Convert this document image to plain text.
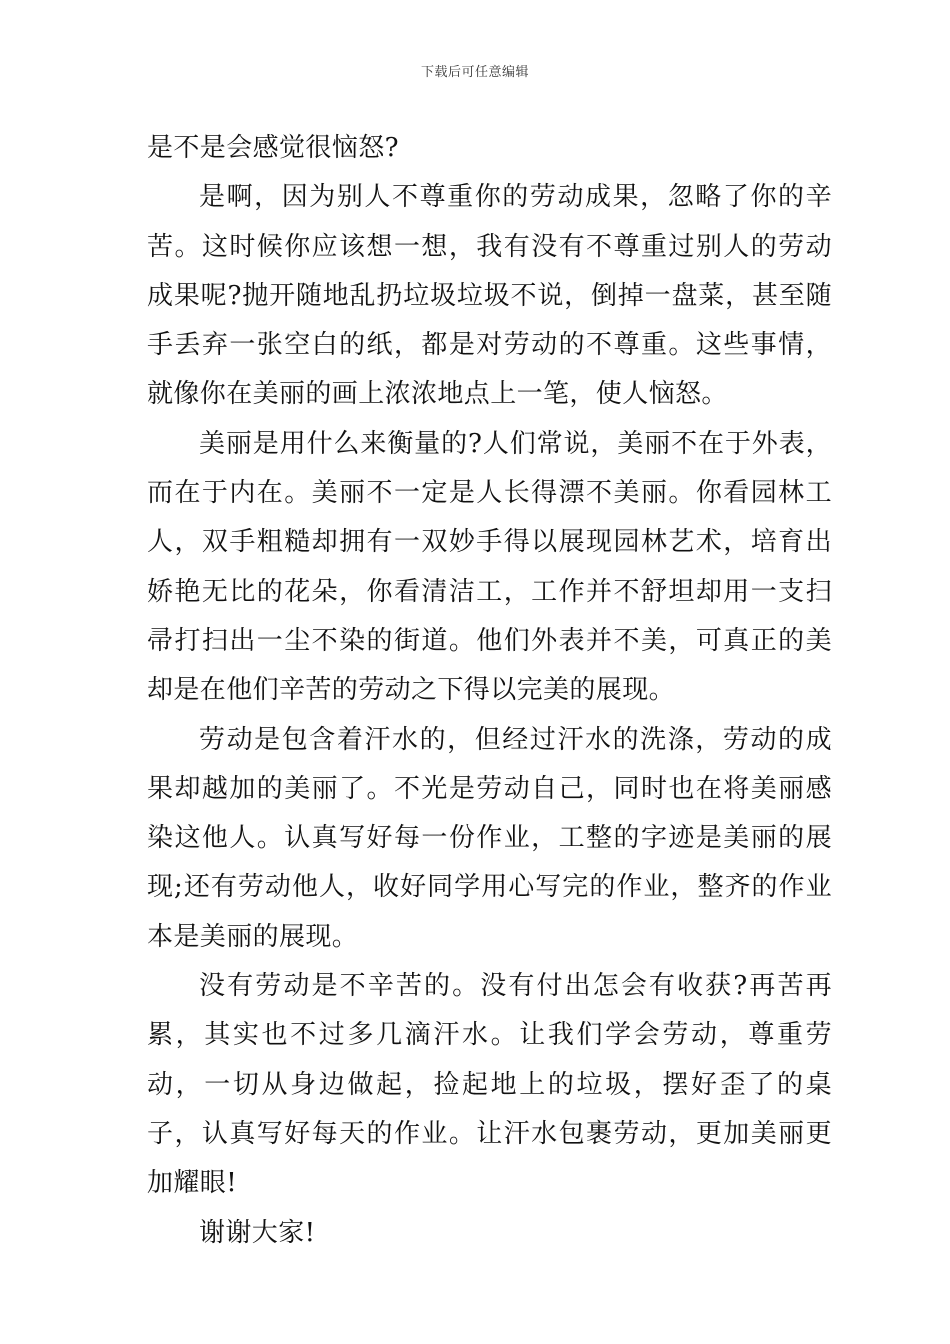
下载后可任意编辑

是不是会感觉很恼怒?

是啊，因为别人不尊重你的劳动成果，忽略了你的辛苦。这时候你应该想一想，我有没有不尊重过别人的劳动成果呢?抛开随地乱扔垃圾垃圾不说，倒掉一盘菜，甚至随手丢弃一张空白的纸，都是对劳动的不尊重。这些事情，就像你在美丽的画上浓浓地点上一笔，使人恼怒。

美丽是用什么来衡量的?人们常说，美丽不在于外表，而在于内在。美丽不一定是人长得漂不美丽。你看园林工人，双手粗糙却拥有一双妙手得以展现园林艺术，培育出娇艳无比的花朵，你看清洁工，工作并不舒坦却用一支扫帚打扫出一尘不染的街道。他们外表并不美，可真正的美却是在他们辛苦的劳动之下得以完美的展现。

劳动是包含着汗水的，但经过汗水的洗涤，劳动的成果却越加的美丽了。不光是劳动自己，同时也在将美丽感染这他人。认真写好每一份作业，工整的字迹是美丽的展现;还有劳动他人，收好同学用心写完的作业，整齐的作业本是美丽的展现。

没有劳动是不辛苦的。没有付出怎会有收获?再苦再累，其实也不过多几滴汗水。让我们学会劳动，尊重劳动，一切从身边做起，捡起地上的垃圾，摆好歪了的桌子，认真写好每天的作业。让汗水包裹劳动，更加美丽更加耀眼!

谢谢大家!
